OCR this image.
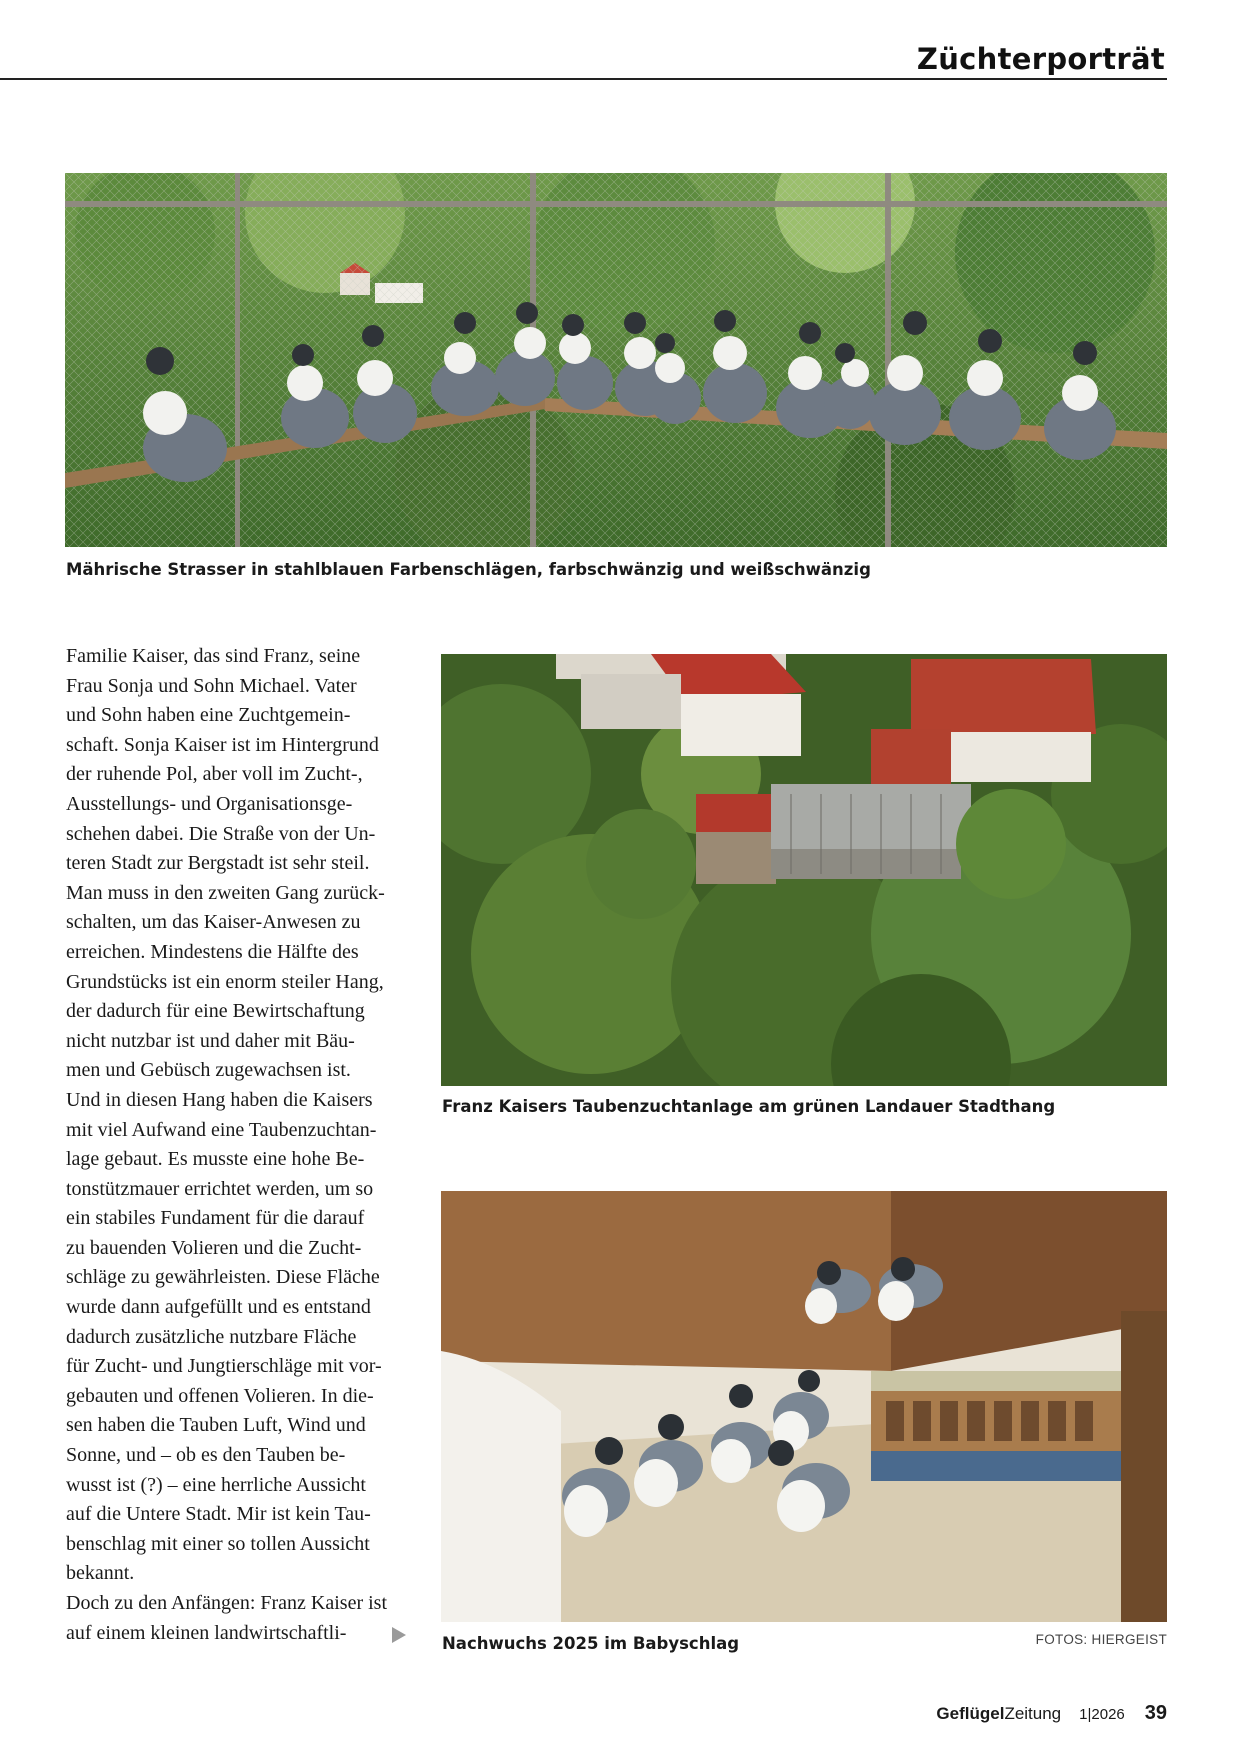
Züchterporträt
Mährische Strasser in stahlblauen Farbenschlägen, farbschwänzig und weißschwänzig
Franz Kaisers Taubenzuchtanlage am grünen Landauer Stadthang
Nachwuchs 2025 im Babyschlag	FOTOS: HIERGEIST
Familie Kaiser, das sind Franz, seine
Frau Sonja und Sohn Michael. Vater
und Sohn haben eine Zuchtgemein-
schaft. Sonja Kaiser ist im Hintergrund
der ruhende Pol, aber voll im Zucht-,
Ausstellungs- und Organisationsge-
schehen dabei. Die Straße von der Un-
teren Stadt zur Bergstadt ist sehr steil.
Man muss in den zweiten Gang zurück-
schalten, um das Kaiser-Anwesen zu
erreichen. Mindestens die Hälfte des
Grundstücks ist ein enorm steiler Hang,
der dadurch für eine Bewirtschaftung
nicht nutzbar ist und daher mit Bäu-
men und Gebüsch zugewachsen ist.
Und in diesen Hang haben die Kaisers
mit viel Aufwand eine Taubenzuchtan-
lage gebaut. Es musste eine hohe Be-
tonstützmauer errichtet werden, um so
ein stabiles Fundament für die darauf
zu bauenden Volieren und die Zucht-
schläge zu gewährleisten. Diese Fläche
wurde dann aufgefüllt und es entstand
dadurch zusätzliche nutzbare Fläche
für Zucht- und Jungtierschläge mit vor-
gebauten und offenen Volieren. In die-
sen haben die Tauben Luft, Wind und
Sonne, und – ob es den Tauben be-
wusst ist (?) – eine herrliche Aussicht
auf die Untere Stadt. Mir ist kein Tau-
benschlag mit einer so tollen Aussicht
bekannt.
Doch zu den Anfängen: Franz Kaiser ist
auf einem kleinen landwirtschaftli-
Geflügel Zeitung 1|2026 39
